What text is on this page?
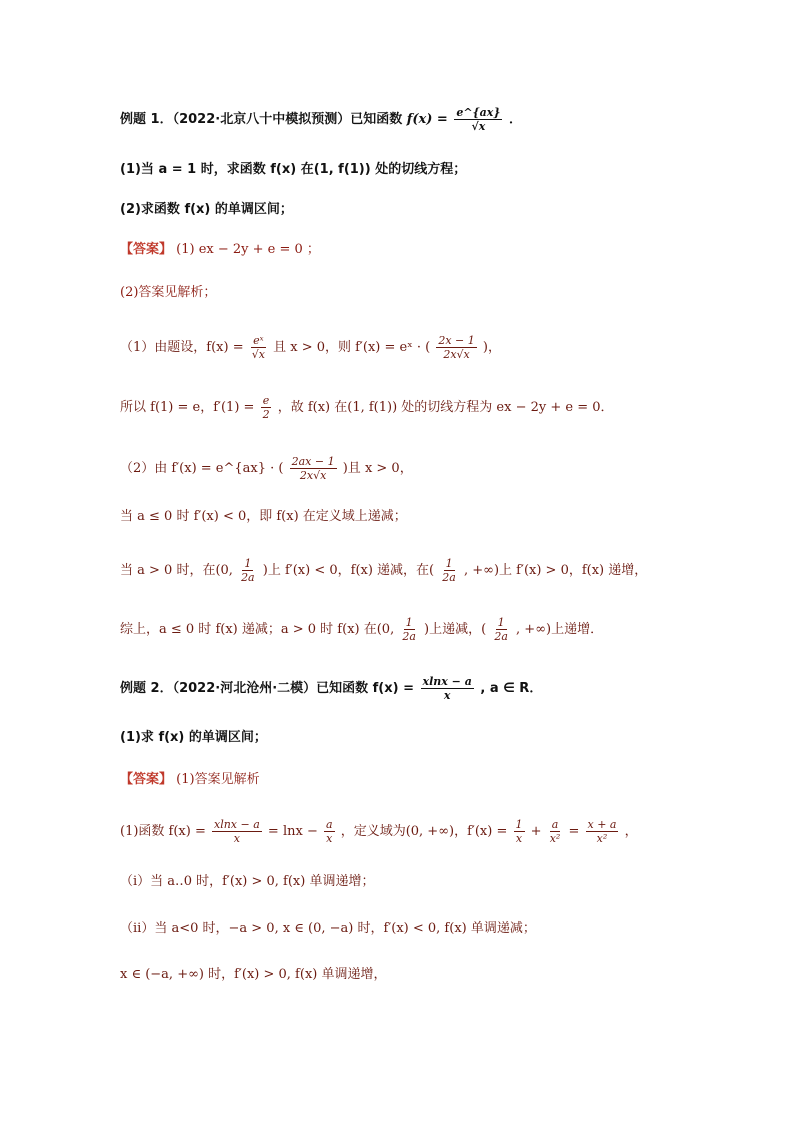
例题 1．（2022·北京八十中模拟预测）已知函数 $f(x) = \frac{e\^{}\{ax\}}{√x}$ ．
(1)当 a = 1 时，求函数 f(x) 在(1, f(1)) 处的切线方程；
(2)求函数 f(x) 的单调区间；
【答案】 (1) ex − 2y + e = 0 ；
(2)答案见解析；
（1）由题设，$f(x) = \frac{\text{eˣ}}{√x}$ 且 x > 0，则 f′(x) = eˣ · ( $\frac{2x - 1}{2x√x}$ )，
所以 f(1) = e，$f'(1) = \frac{e}{2}$ ，故 f(x) 在(1, f(1)) 处的切线方程为 ex − 2y + e = 0．
（2）由 f′(x) = e^{ax} · ( $\frac{2ax - 1}{2x√x}$ )且 x > 0，
当 a ≤ 0 时 f′(x) < 0，即 f(x) 在定义域上递减；
当 a > 0 时，在(0, $\frac{1}{2a}$ )上 f′(x) < 0，f(x) 递减，在( $\frac{1}{2a}$ , +∞)上 f′(x) > 0，f(x) 递增，
综上，a ≤ 0 时 f(x) 递减；a > 0 时 f(x) 在(0, $\frac{1}{2a}$ )上递减，( $\frac{1}{2a}$ , +∞)上递增．
例题 2．（2022·河北沧州·二模）已知函数 $f(x) = \frac{xlnx - a}{x}$ , a ∈ R．
(1)求 f(x) 的单调区间；
【答案】 (1)答案见解析
(1)函数 $f(x) = \frac{xlnx - a}{x} = \ln x - \frac{a}{x}$ ，定义域为(0, +∞)，$f'(x) = \frac{1}{x} + \frac{a}{\text{x²}} = \frac{x + a}{\text{x²}}$ ，
（i）当 a‥0 时，f′(x) > 0, f(x) 单调递增；
（ii）当 a<0 时，−a > 0, x ∈ (0, −a) 时，f′(x) < 0, f(x) 单调递减；
x ∈ (−a, +∞) 时，f′(x) > 0, f(x) 单调递增，
